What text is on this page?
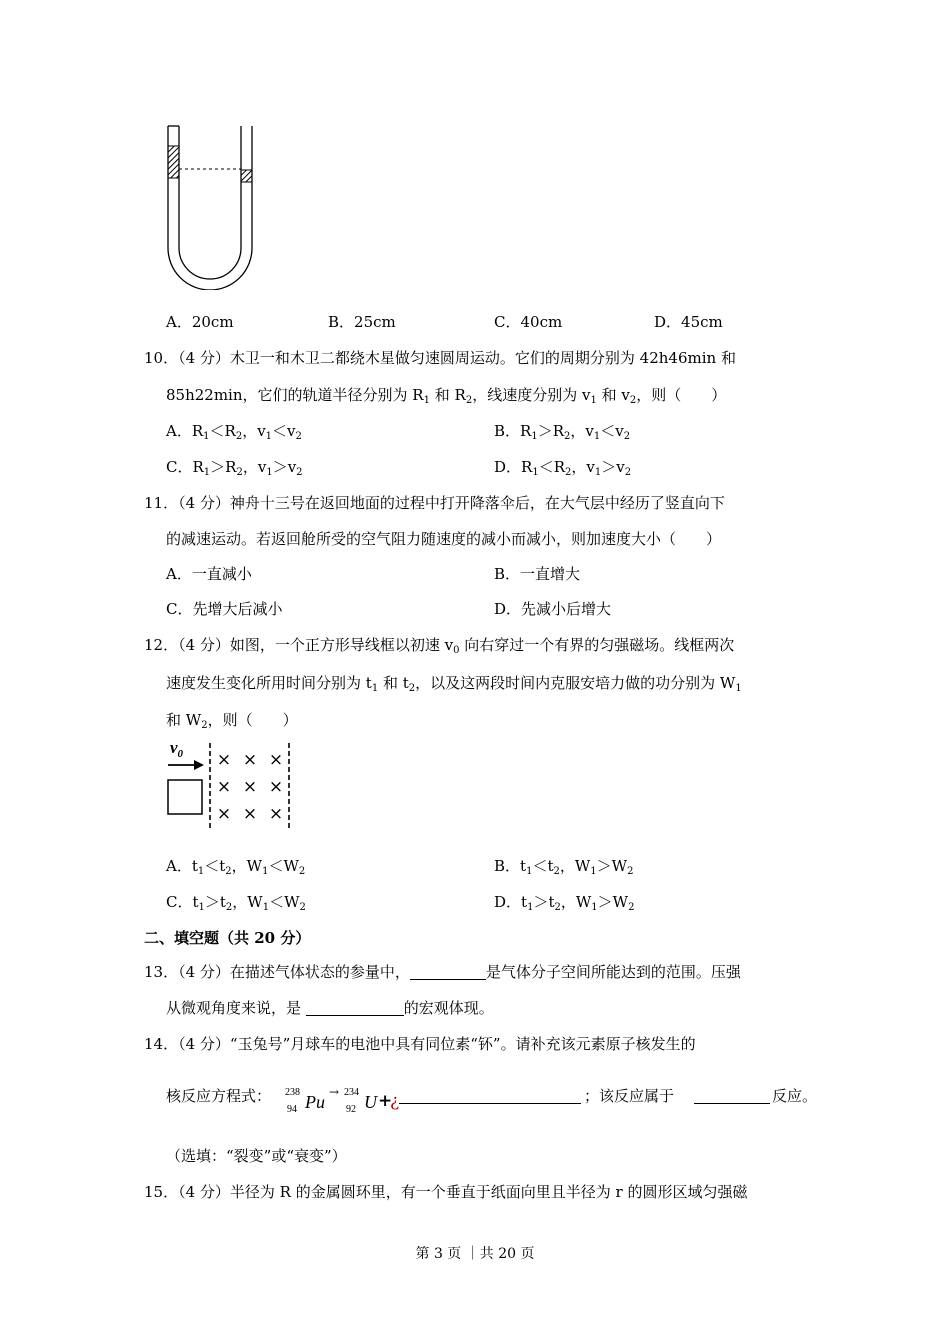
A．20cm	B．25cm	C．40cm	D．45cm
10．（4 分）木卫一和木卫二都绕木星做匀速圆周运动。它们的周期分别为 42h46min 和
85h22min，它们的轨道半径分别为 $R_1$ 和 $R_2$，线速度分别为 $v_1$ 和 $v_2$，则（　　）
A．$R_1<R_2$，$v_1<v_2$	B．$R_1>R_2$，$v_1<v_2$
C．$R_1>R_2$，$v_1>v_2$	D．$R_1<R_2$，$v_1>v_2$
11．（4 分）神舟十三号在返回地面的过程中打开降落伞后，在大气层中经历了竖直向下
的减速运动。若返回舱所受的空气阻力随速度的减小而减小，则加速度大小（　　）
A．一直减小	B．一直增大
C．先增大后减小	D．先减小后增大
12．（4 分）如图，一个正方形导线框以初速 $v_0$ 向右穿过一个有界的匀强磁场。线框两次
速度发生变化所用时间分别为 $t_1$ 和 $t_2$，以及这两段时间内克服安培力做的功分别为 $W_1$
和 $W_2$，则（　　）
$v_0$ × × ×
× × ×
× × ×
A．$t_1<t_2$，$W_1<W_2$	B．$t_1<t_2$，$W_1>W_2$
C．$t_1>t_2$，$W_1<W_2$	D．$t_1>t_2$，$W_1>W_2$
二、填空题（共 20 分）
13．（4 分）在描述气体状态的参量中，	是气体分子空间所能达到的范围。压强
从微观角度来说，是	的宏观体现。
14．（4 分）“玉兔号”月球车的电池中具有同位素“钚”。请补充该元素原子核发生的
核反应方程式： 238
94 Pu → 234
92 U +
¿	；该反应属于	反应。
（选填：“裂变”或“衰变”）
15．（4 分）半径为 R 的金属圆环里，有一个垂直于纸面向里且半径为 r 的圆形区域匀强磁
第 3 页 ｜共 20 页
